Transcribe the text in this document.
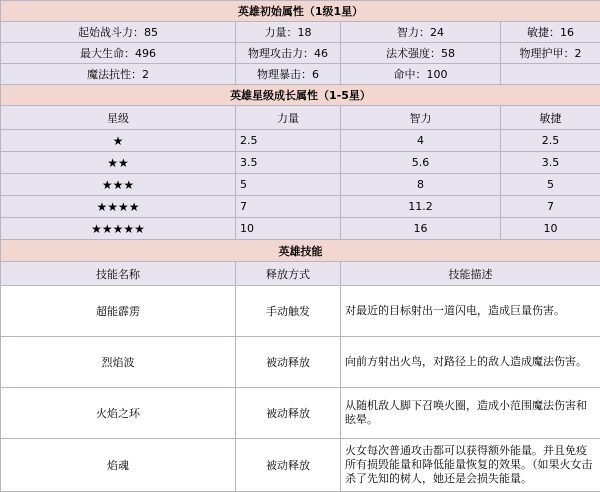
英雄初始属性（1级1星）			
起始战斗力：85	力量：18	智力：24	敏捷：16
最大生命：496	物理攻击力：46	法术强度：58	物理护甲：2
魔法抗性：2	物理暴击：6	命中：100	
英雄星级成长属性（1-5星）			
星级	力量	智力	敏捷
★	2.5	4	2.5
★★	3.5	5.6	3.5
★★★	5	8	5
★★★★	7	11.2	7
★★★★★	10	16	10
英雄技能			
技能名称	释放方式	技能描述	
超能霹雳	手动触发	对最近的目标射出一道闪电，造成巨量伤害。	
烈焰波	被动释放	向前方射出火鸟，对路径上的敌人造成魔法伤害。	
火焰之环	被动释放	从随机敌人脚下召唤火圈，造成小范围魔法伤害和眩晕。	
焰魂	被动释放	火女每次普通攻击都可以获得额外能量。并且免疫所有损毁能量和降低能量恢复的效果。（如果火女击杀了先知的树人，她还是会损失能量。	
